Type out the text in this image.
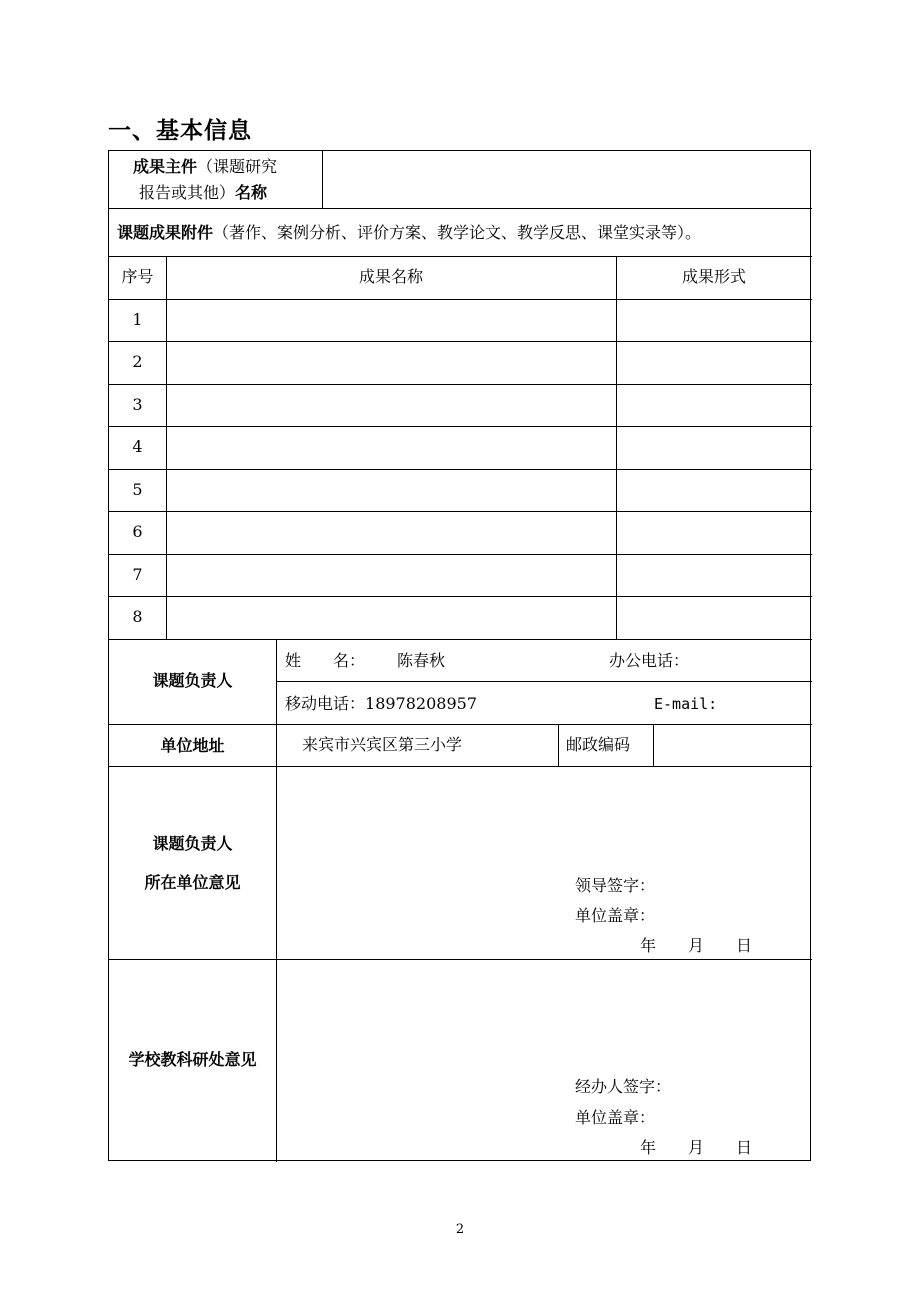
一、基本信息
成果主件（课题研究
报告或其他）名称
课题成果附件（著作、案例分析、评价方案、教学论文、教学反思、课堂实录等）。
序号	成果名称	成果形式
1
2
3
4
5
6
7
8
课题负责人
姓　　名： 陈春秋	办公电话：
移动电话：18978208957	E-mail:
单位地址	来宾市兴宾区第三小学	邮政编码
课题负责人
所在单位意见	领导签字：
单位盖章：
年　　月　　日
学校教科研处意见
经办人签字：
单位盖章：
年　　月　　日
2
